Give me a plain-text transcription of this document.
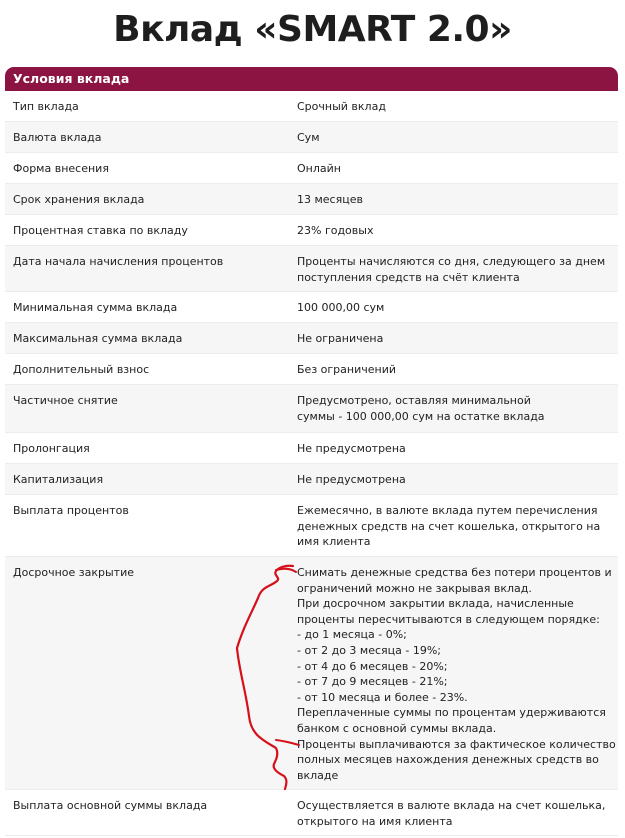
Вклад «SMART 2.0»
Условия вклада
Тип вклада	Срочный вклад
Валюта вклада	Сум
Форма внесения	Онлайн
Срок хранения вклада	13 месяцев
Процентная ставка по вкладу	23% годовых
Дата начала начисления процентов	Проценты начисляются со дня, следующего за днем
поступления средств на счёт клиента
Минимальная сумма вклада	100 000,00 сум
Максимальная сумма вклада	Не ограничена
Дополнительный взнос	Без ограничений
Частичное снятие	Предусмотрено, оставляя минимальной
суммы - 100 000,00 сум на остатке вклада
Пролонгация	Не предусмотрена
Капитализация	Не предусмотрена
Выплата процентов	Ежемесячно, в валюте вклада путем перечисления
денежных средств на счет кошелька, открытого на
имя клиента
Досрочное закрытие	Снимать денежные средства без потери процентов и
ограничений можно не закрывая вклад.
При досрочном закрытии вклада, начисленные
проценты пересчитываются в следующем порядке:
- до 1 месяца - 0%;
- от 2 до 3 месяца - 19%;
- от 4 до 6 месяцев - 20%;
- от 7 до 9 месяцев - 21%;
- от 10 месяца и более - 23%.
Переплаченные суммы по процентам удерживаются
банком с основной суммы вклада.
Проценты выплачиваются за фактическое количество
полных месяцев нахождения денежных средств во
вкладе
Выплата основной суммы вклада	Осуществляется в валюте вклада на счет кошелька,
открытого на имя клиента
